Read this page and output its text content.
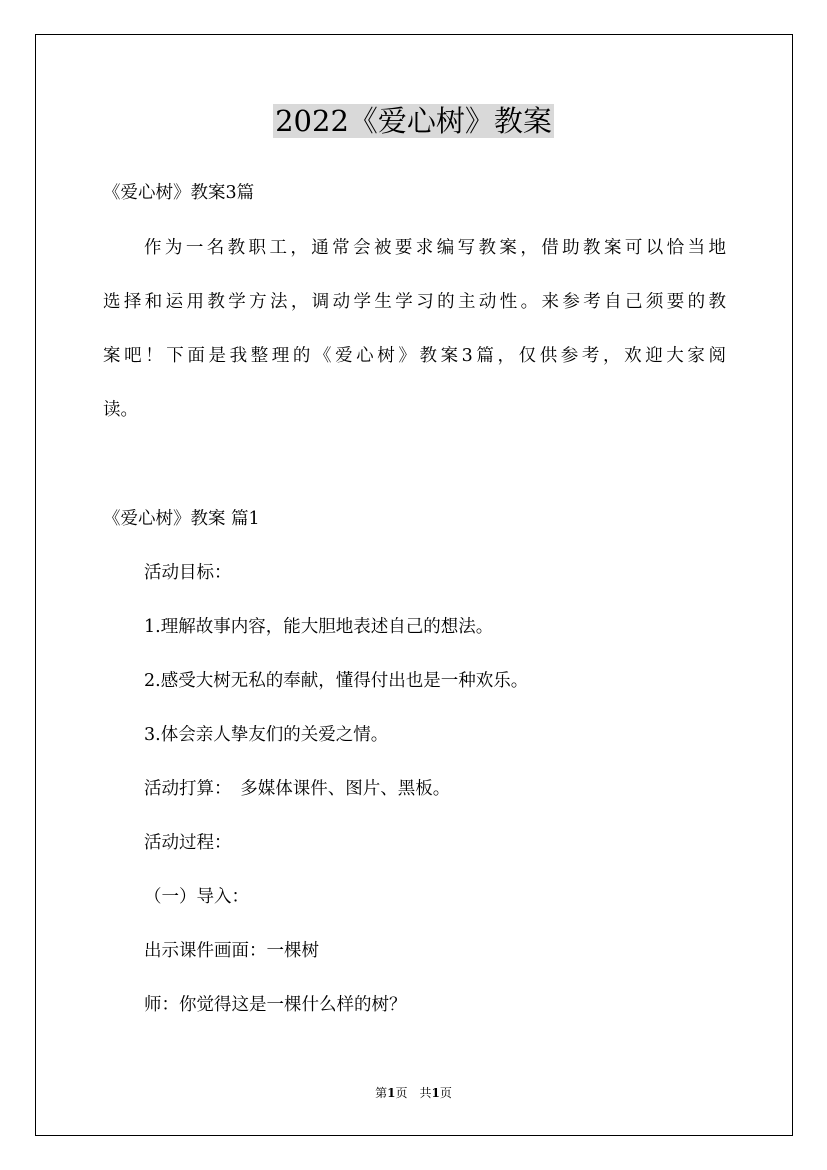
2022《爱心树》教案
《爱心树》教案3篇
作为一名教职工，通常会被要求编写教案，借助教案可以恰当地
选择和运用教学方法，调动学生学习的主动性。来参考自己须要的教
案吧！下面是我整理的《爱心树》教案3篇，仅供参考，欢迎大家阅
读。
《爱心树》教案 篇1
活动目标：
1.理解故事内容，能大胆地表述自己的想法。
2.感受大树无私的奉献，懂得付出也是一种欢乐。
3.体会亲人挚友们的关爱之情。
活动打算：　多媒体课件、图片、黑板。
活动过程：
（一）导入：
出示课件画面：一棵树
师：你觉得这是一棵什么样的树？
第1页　共1页
